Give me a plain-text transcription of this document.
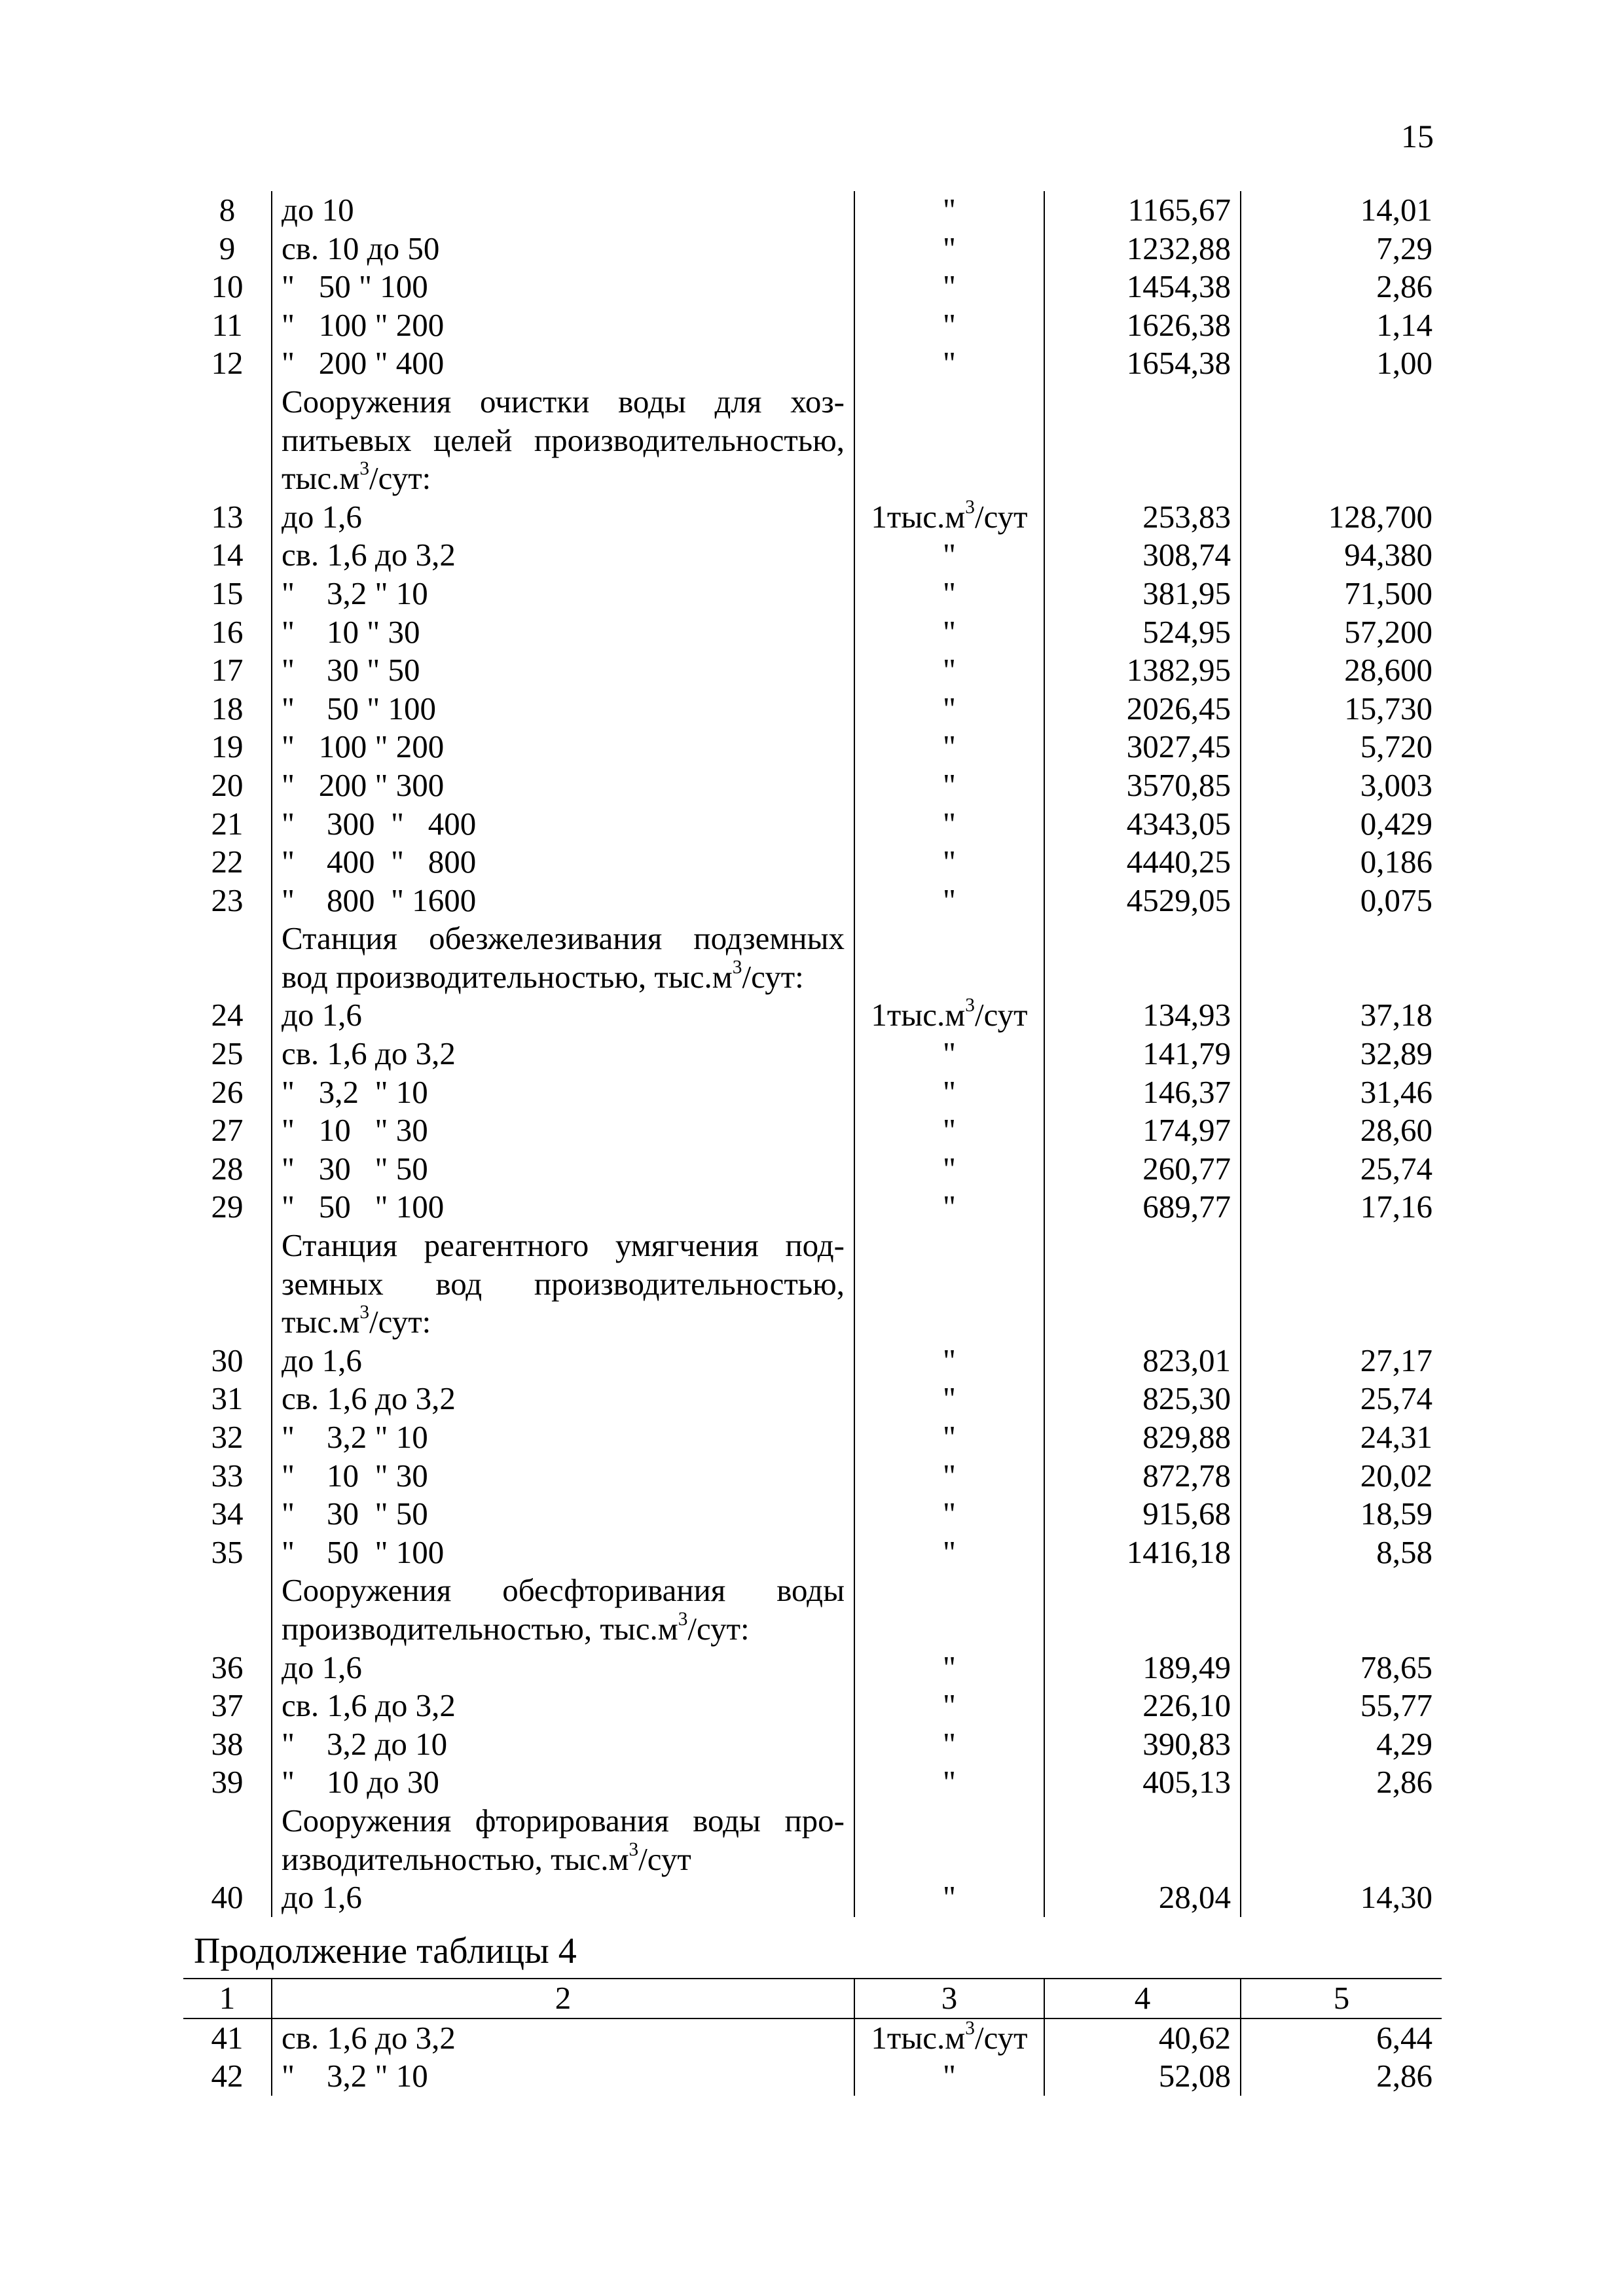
15
8	до 10	"	1165,67	14,01
9	св. 10 до 50	"	1232,88	7,29
10	"   50 " 100	"	1454,38	2,86
11	"   100 " 200	"	1626,38	1,14
12	"   200 " 400	"	1654,38	1,00

	Сооружения очистки воды для хоз-
питьевых целей производительностью,
$тыс.м^3$/сут:			

13	до 1,6	$1тыс.м^3$/сут	253,83	128,700
14	св. 1,6 до 3,2	"	308,74	94,380
15	"    3,2 " 10	"	381,95	71,500
16	"    10 " 30	"	524,95	57,200
17	"    30 " 50	"	1382,95	28,600
18	"    50 " 100	"	2026,45	15,730
19	"   100 " 200	"	3027,45	5,720
20	"   200 " 300	"	3570,85	3,003
21	"    300  "   400	"	4343,05	0,429
22	"    400  "   800	"	4440,25	0,186
23	"    800  " 1600	"	4529,05	0,075

	Станция обезжелезивания подземных
вод производительностью, $тыс.м^3$/сут:			

24	до 1,6	$1тыс.м^3$/сут	134,93	37,18
25	св. 1,6 до 3,2	"	141,79	32,89
26	"   3,2  " 10	"	146,37	31,46
27	"   10   " 30	"	174,97	28,60
28	"   30   " 50	"	260,77	25,74
29	"   50   " 100	"	689,77	17,16

	Станция реагентного умягчения под-
земных вод производительностью,
$тыс.м^3$/сут:			

30	до 1,6	"	823,01	27,17
31	св. 1,6 до 3,2	"	825,30	25,74
32	"    3,2 " 10	"	829,88	24,31
33	"    10  " 30	"	872,78	20,02
34	"    30  " 50	"	915,68	18,59
35	"    50  " 100	"	1416,18	8,58

	Сооружения обесфторивания воды
производительностью, $тыс.м^3$/сут:			

36	до 1,6	"	189,49	78,65
37	св. 1,6 до 3,2	"	226,10	55,77
38	"    3,2 до 10	"	390,83	4,29
39	"    10 до 30	"	405,13	2,86

	Сооружения фторирования воды про-
изводительностью, $тыс.м^3$/сут			

40	до 1,6	"	28,04	14,30
Продолжение таблицы 4
1	2	3	4	5
41	св. 1,6 до 3,2	$1тыс.м^3$/сут	40,62	6,44
42	"    3,2 " 10	"	52,08	2,86
